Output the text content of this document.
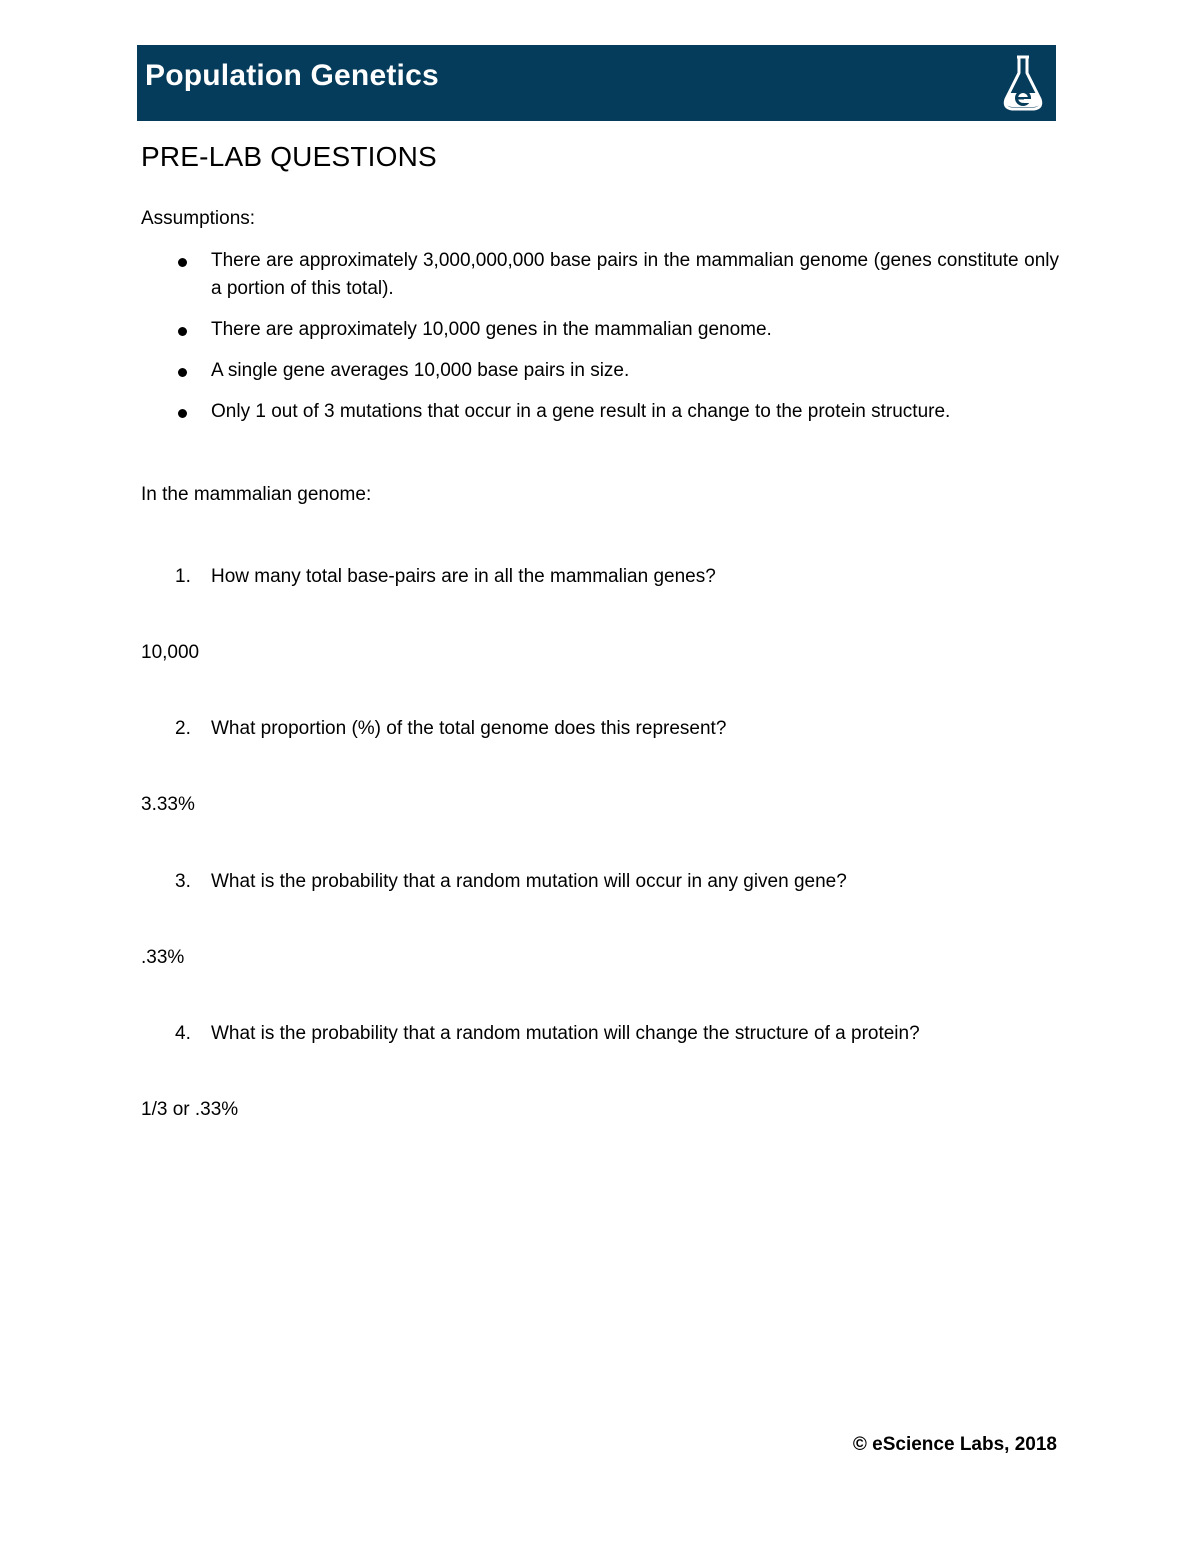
Population Genetics
PRE-LAB QUESTIONS
Assumptions:
There are approximately 3,000,000,000 base pairs in the mammalian genome (genes constitute only a portion of this total).
There are approximately 10,000 genes in the mammalian genome.
A single gene averages 10,000 base pairs in size.
Only 1 out of 3 mutations that occur in a gene result in a change to the protein structure.
In the mammalian genome:
1. How many total base-pairs are in all the mammalian genes?
10,000
2. What proportion (%) of the total genome does this represent?
3.33%
3. What is the probability that a random mutation will occur in any given gene?
.33%
4. What is the probability that a random mutation will change the structure of a protein?
1/3 or .33%
© eScience Labs, 2018
